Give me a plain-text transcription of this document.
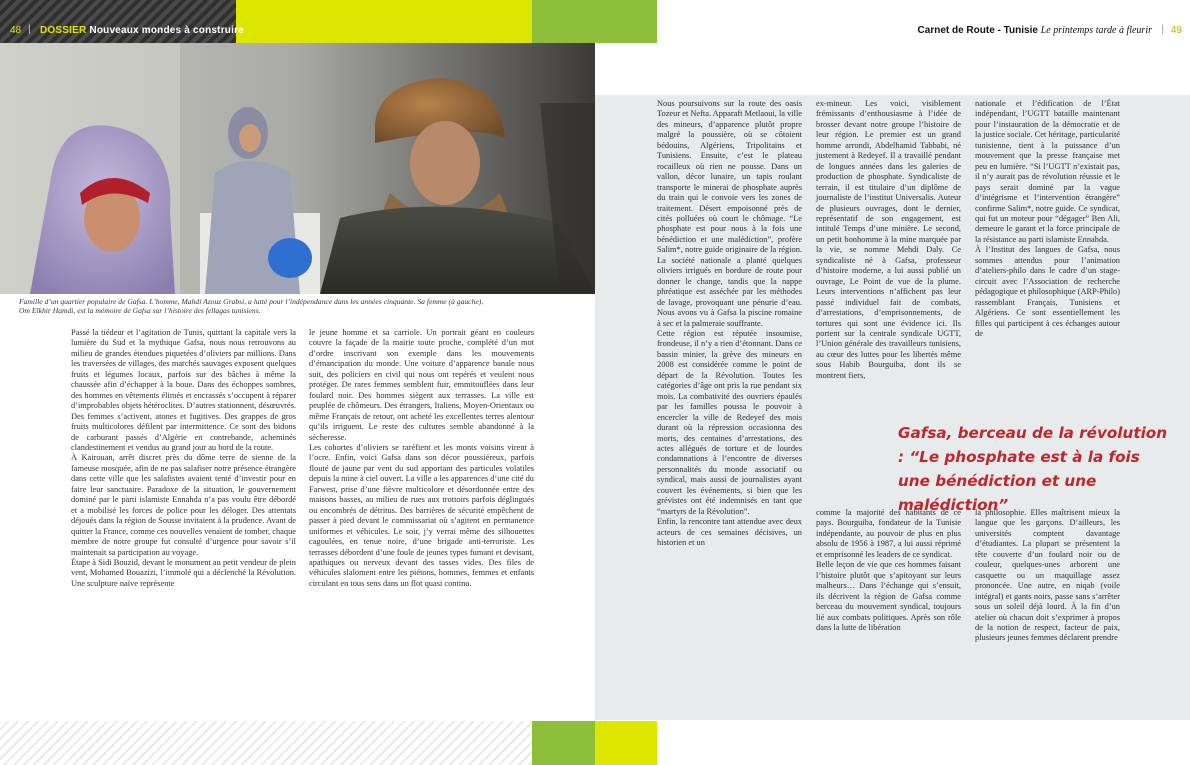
48 | DOSSIER Nouveaux mondes à construire	Carnet de Route - Tunisie Le printemps tarde à fleurir | 49
Famille d’un quartier populaire de Gafsa. L’homme, Mahdi Azouz Grabsi, a lutté pour l’indépendance dans les années cinquante. Sa femme (à gauche),
Om Elkhir Hamdi, est la mémoire de Gafsa sur l’histoire des fellagas tunisiens.

Passé la tiédeur et l’agitation de Tunis, quittant la capitale vers la lumière du Sud et la mythique Gafsa, nous nous retrouvons au milieu de grandes étendues piquetées d’oliviers par millions. Dans les traversées de villages, des marchés sauvages exposent quelques fruits et légumes locaux, parfois sur des bâches à même la chaussée afin d’échapper à la boue. Dans des échoppes sombres, des hommes en vêtements élimés et encrassés s’occupent à réparer d’improbables objets hétéroclites. D’autres stationnent, désœuvrés. Des femmes s’activent, atones et fugitives. Des grappes de gros fruits multicolores défilent par intermittence. Ce sont des bidons de carburant passés d’Algérie en contrebande, acheminés clandestinement et vendus au grand jour au bord de la route.

À Kairouan, arrêt discret près du dôme terre de sienne de la fameuse mosquée, afin de ne pas salafiser notre présence étrangère dans cette ville que les salafistes avaient tenté d’investir pour en faire leur sanctuaire. Paradoxe de la situation, le gouvernement dominé par le parti islamiste Ennahda n’a pas voulu être débordé et a mobilisé les forces de police pour les déloger. Des attentats déjoués dans la région de Sousse invitaient à la prudence. Avant de quitter la France, comme ces nouvelles venaient de tomber, chaque membre de notre groupe fut consulté d’urgence pour savoir s’il maintenait sa participation au voyage.

Étape à Sidi Bouzid, devant le monument au petit vendeur de plein vent, Mohamed Bouazizi, l’immolé qui a déclenché la Révolution. Une sculpture naïve représente

le jeune homme et sa carriole. Un portrait géant en couleurs couvre la façade de la mairie toute proche, complété d’un mot d’ordre inscrivant son exemple dans les mouvements d’émancipation du monde. Une voiture d’apparence banale nous suit, des policiers en civil qui nous ont repérés et veulent nous protéger. De rares femmes semblent fuir, emmitouflées dans leur foulard noir. Des hommes siègent aux terrasses. La ville est peuplée de chômeurs. Des étrangers, Italiens, Moyen-Orientaux ou même Français de retour, ont acheté les excellentes terres alentour qu’ils irriguent. Le reste des cultures semble abandonné à la sécheresse.

Les cohortes d’oliviers se raréfient et les monts voisins virent à l’ocre. Enfin, voici Gafsa dans son décor poussiéreux, parfois flouté de jaune par vent du sud apportant des particules volatiles depuis la mine à ciel ouvert. La ville a les apparences d’une cité du Farwest, prise d’une fièvre multicolore et désordonnée entre des maisons basses, au milieu de rues aux trottoirs parfois déglingués ou encombrés de détritus. Des barrières de sécurité empêchent de passer à pied devant le commissariat où s’agitent en permanence uniformes et véhicules. Le soir, j’y verrai même des silhouettes cagoulées, en tenue noire, d’une brigade anti-terroriste. Les terrasses débordent d’une foule de jeunes types fumant et devisant, apathiques ou nerveux devant des tasses vides. Des files de véhicules slaloment entre les piétons, hommes, femmes et enfants circulant en tous sens dans un flot quasi continu.

Nous poursuivons sur la route des oasis Tozeur et Nefta. Apparaft Metlaoui, la ville des mineurs, d’apparence plutôt propre malgré la poussière, où se côtoient bédouins, Algériens, Tripolitains et Tunisiens. Ensuite, c’est le plateau rocailleux où rien ne pousse. Dans un vallon, décor lunaire, un tapis roulant transporte le minerai de phosphate auprès du train qui le convoie vers les zones de traitement. Désert empoisonné près de cités polluées où court le chômage. “Le phosphate est pour nous à la fois une bénédiction et une malédiction”, profère Salim*, notre guide originaire de la région. La société nationale a planté quelques oliviers irrigués en bordure de route pour donner le change, tandis que la nappe phréatique est asséchée par les méthodes de lavage, provoquant une pénurie d’eau. Nous avons vu à Gafsa la piscine romaine à sec et la palmeraie souffrante.

Cette région est réputée insoumise, frondeuse, il n’y a rien d’étonnant. Dans ce bassin minier, la grève des mineurs en 2008 est considérée comme le point de départ de la Révolution. Toutes les catégories d’âge ont pris la rue pendant six mois. La combativité des ouvriers épaulés par les familles poussa le pouvoir à encercler la ville de Redeyef des mois durant où la répression occasionna des morts, des centaines d’arrestations, des actes allégués de torture et de lourdes condamnations à l’encontre de diverses personnalités du monde associatif ou syndical, mais aussi de journalistes ayant couvert les événements, si bien que les grévistes ont été indemnisés en tant que “martyrs de la Révolution”.

Enfin, la rencontre tant attendue avec deux acteurs de ces semaines décisives, un historien et un

ex-mineur. Les voici, visiblement frémissants d’enthousiasme à l’idée de brosser devant notre groupe l’histoire de leur région. Le premier est un grand homme arrondi, Abdelhamid Tabbabi, né justement à Redeyef. Il a travaillé pendant de longues années dans les galeries de production de phosphate. Syndicaliste de terrain, il est titulaire d’un diplôme de journaliste de l’institut Universalis. Auteur de plusieurs ouvrages, dont le dernier, représentatif de son engagement, est intitulé Temps d’une minière. Le second, un petit bonhomme à la mine marquée par la vie, se nomme Mehdi Daly. Ce syndicaliste né à Gafsa, professeur d’histoire moderne, a lui aussi publié un ouvrage, Le Point de vue de la plume. Leurs interventions n’affichent pas leur passé individuel fait de combats, d’arrestations, d’emprisonnements, de tortures qui sont une évidence ici. Ils portent sur la centrale syndicale UGTT, l’Union générale des travailleurs tunisiens, au cœur des luttes pour les libertés même sous Habib Bourguiba, dont ils se montrent fiers,

comme la majorité des habitants de ce pays. Bourguiba, fondateur de la Tunisie indépendante, au pouvoir de plus en plus absolu de 1956 à 1987, a lui aussi réprimé et emprisonné les leaders de ce syndicat.

Belle leçon de vie que ces hommes faisant l’histoire plutôt que s’apitoyant sur leurs malheurs… Dans l’échange qui s’ensuit, ils décrivent la région de Gafsa comme berceau du mouvement syndical, toujours lié aux combats politiques. Après son rôle dans la lutte de libération

nationale et l’édification de l’État indépendant, l’UGTT bataille maintenant pour l’instauration de la démocratie et de la justice sociale. Cet héritage, particularité tunisienne, tient à la puissance d’un mouvement que la presse française met peu en lumière. “Si l’UGTT n’existait pas, il n’y aurait pas de révolution réussie et le pays serait dominé par la vague d’intégrisme et l’intervention étrangère” confirme Salim*, notre guide. Ce syndicat, qui fut un moteur pour “dégager” Ben Ali, demeure le garant et la force principale de la résistance au parti islamiste Ennahda.

À l’Institut des langues de Gafsa, nous sommes attendus pour l’animation d’ateliers-philo dans le cadre d’un stage-circuit avec l’Association de recherche pédagogique et philosophique (ARP-Philo) rassemblant Français, Tunisiens et Algériens. Ce sont essentiellement les filles qui participent à ces échanges autour de

la philosophie. Elles maîtrisent mieux la langue que les garçons. D’ailleurs, les universités comptent davantage d’étudiantes. La plupart se présentent la tête couverte d’un foulard noir ou de couleur, quelques-unes arborent une casquette ou un maquillage assez prononcée. Une autre, en niqab (voile intégral) et gants noirs, passe sans s’arrêter sous un soleil déjà lourd. À la fin d’un atelier où chacun doit s’exprimer à propos de la notion de respect, facteur de paix, plusieurs jeunes femmes déclarent prendre

Gafsa, berceau de la révolution : “Le phosphate est à la fois une bénédiction et une malédiction”
